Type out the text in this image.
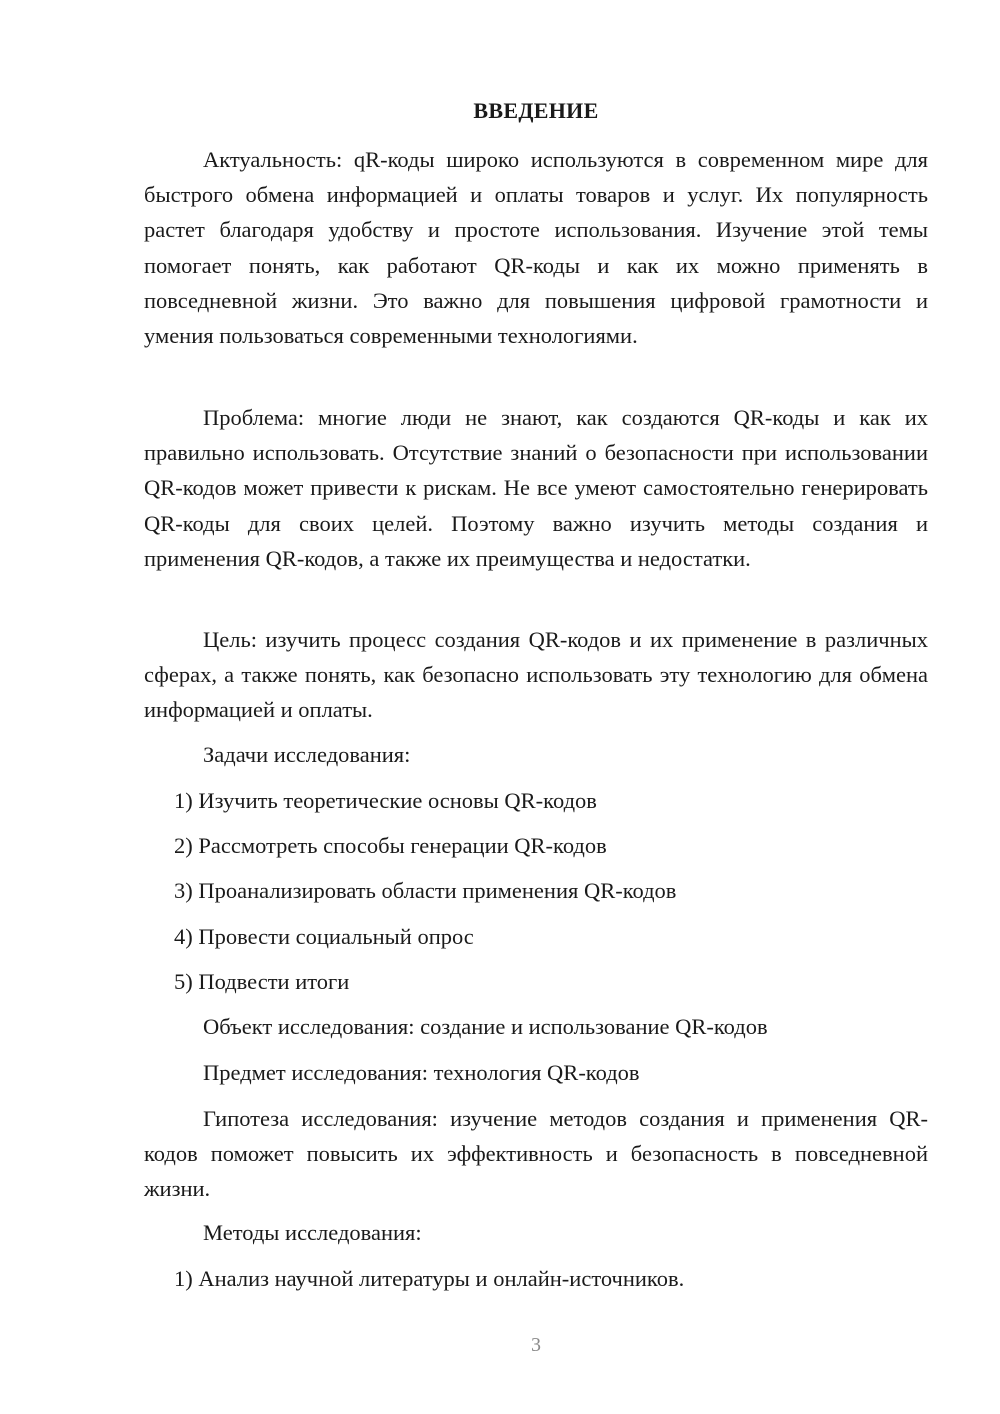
ВВЕДЕНИЕ

Актуальность: qR-коды широко используются в современном мире для быстрого обмена информацией и оплаты товаров и услуг. Их популярность растет благодаря удобству и простоте использования. Изучение этой темы помогает понять, как работают QR-коды и как их можно применять в повседневной жизни. Это важно для повышения цифровой грамотности и умения пользоваться современными технологиями.

Проблема: многие люди не знают, как создаются QR-коды и как их правильно использовать. Отсутствие знаний о безопасности при использовании QR-кодов может привести к рискам. Не все умеют самостоятельно генерировать QR-коды для своих целей. Поэтому важно изучить методы создания и применения QR-кодов, а также их преимущества и недостатки.

Цель: изучить процесс создания QR-кодов и их применение в различных сферах, а также понять, как безопасно использовать эту технологию для обмена информацией и оплаты.

Задачи исследования:

1) Изучить теоретические основы QR-кодов

2) Рассмотреть способы генерации QR-кодов

3) Проанализировать области применения QR-кодов

4) Провести социальный опрос

5) Подвести итоги

Объект исследования: создание и использование QR-кодов

Предмет исследования: технология QR-кодов

Гипотеза исследования: изучение методов создания и применения QR-кодов поможет повысить их эффективность и безопасность в повседневной жизни.

Методы исследования:

1) Анализ научной литературы и онлайн-источников.

3
